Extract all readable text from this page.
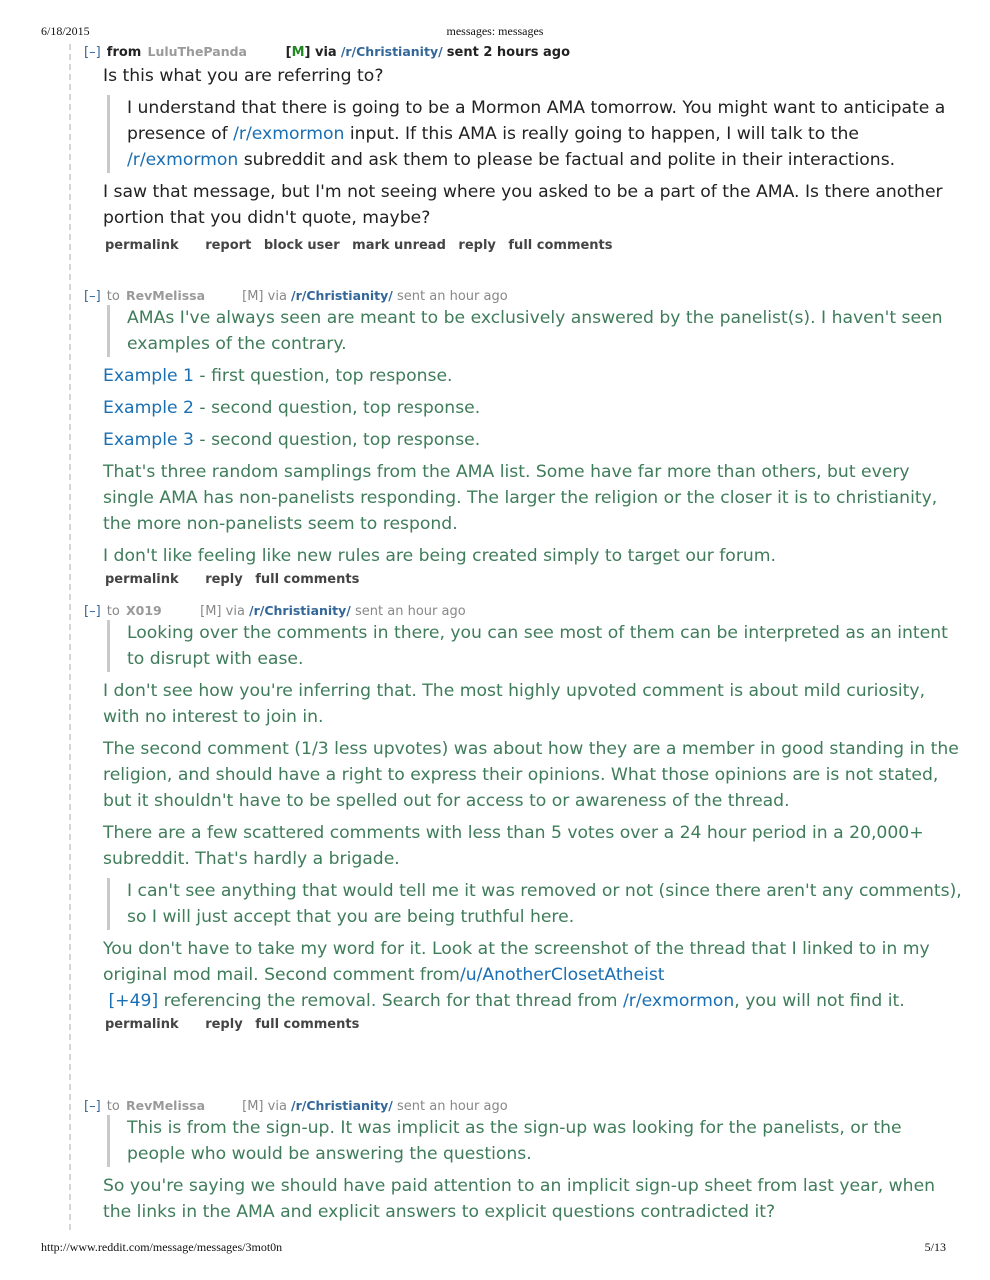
6/18/2015	messages: messages
[–] from LuluThePanda	[M] via /r/Christianity/ sent 2 hours ago

Is this what you are referring to?

I understand that there is going to be a Mormon AMA tomorrow. You might want to anticipate a presence of /r/exmormon input. If this AMA is really going to happen, I will talk to the /r/exmormon subreddit and ask them to please be factual and polite in their interactions.

I saw that message, but I'm not seeing where you asked to be a part of the AMA. Is there another portion that you didn't quote, maybe?

permalink report block user mark unread reply full comments
[–] to RevMelissa	[M] via /r/Christianity/ sent an hour ago

AMAs I've always seen are meant to be exclusively answered by the panelist(s). I haven't seen examples of the contrary.

Example 1 - first question, top response.

Example 2 - second question, top response.

Example 3 - second question, top response.

That's three random samplings from the AMA list. Some have far more than others, but every single AMA has non-panelists responding. The larger the religion or the closer it is to christianity, the more non-panelists seem to respond.

I don't like feeling like new rules are being created simply to target our forum.

permalink reply full comments
[–] to X019	[M] via /r/Christianity/ sent an hour ago

Looking over the comments in there, you can see most of them can be interpreted as an intent to disrupt with ease.

I don't see how you're inferring that. The most highly upvoted comment is about mild curiosity, with no interest to join in.

The second comment (1/3 less upvotes) was about how they are a member in good standing in the religion, and should have a right to express their opinions. What those opinions are is not stated, but it shouldn't have to be spelled out for access to or awareness of the thread.

There are a few scattered comments with less than 5 votes over a 24 hour period in a 20,000+ subreddit. That's hardly a brigade.

I can't see anything that would tell me it was removed or not (since there aren't any comments), so I will just accept that you are being truthful here.

You don't have to take my word for it. Look at the screenshot of the thread that I linked to in my original mod mail. Second comment from/u/AnotherClosetAtheist
[+49] referencing the removal. Search for that thread from /r/exmormon, you will not find it.

permalink reply full comments
[–] to RevMelissa	[M] via /r/Christianity/ sent an hour ago

This is from the sign-up. It was implicit as the sign-up was looking for the panelists, or the people who would be answering the questions.

So you're saying we should have paid attention to an implicit sign-up sheet from last year, when the links in the AMA and explicit answers to explicit questions contradicted it?

http://www.reddit.com/message/messages/3mot0n	5/13
